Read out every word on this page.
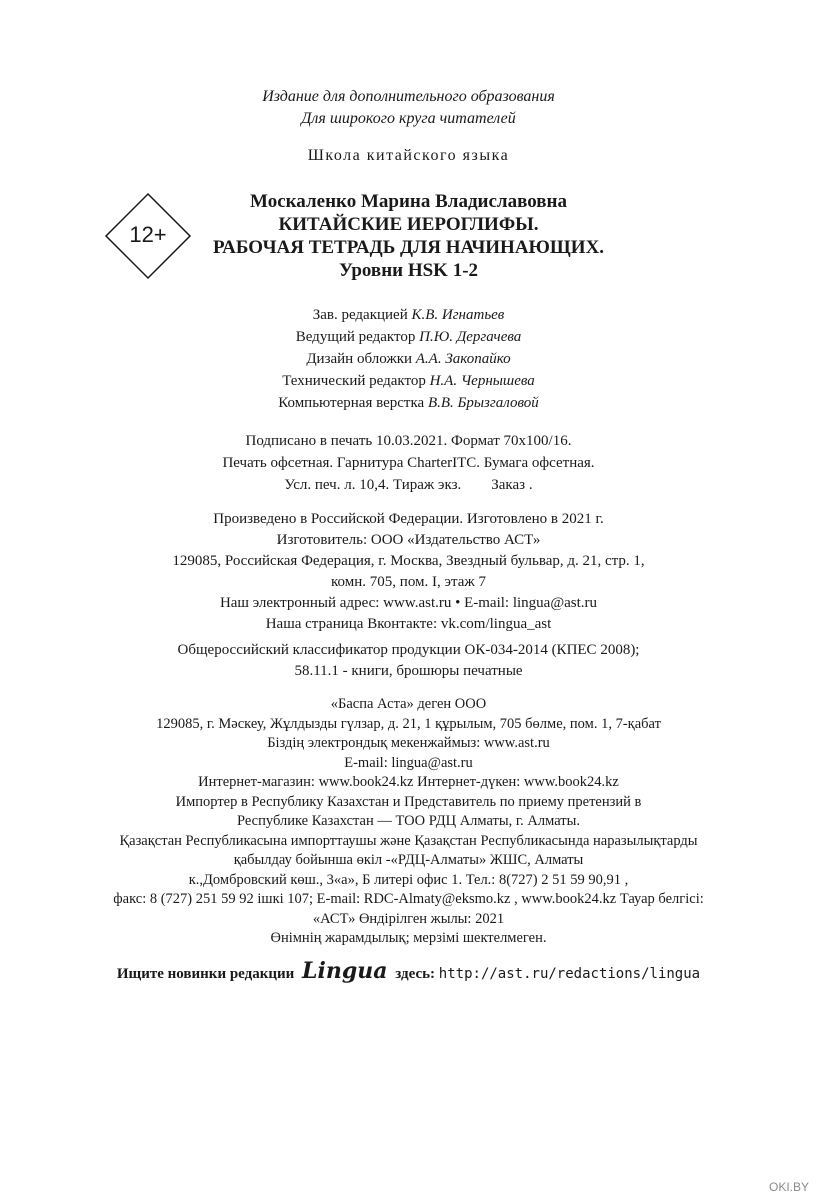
Издание для дополнительного образования
Для широкого круга читателей
Школа китайского языка
12+
Москаленко Марина Владиславовна
КИТАЙСКИЕ ИЕРОГЛИФЫ.
РАБОЧАЯ ТЕТРАДЬ ДЛЯ НАЧИНАЮЩИХ.
Уровни HSK 1-2
Зав. редакцией К.В. Игнатьев
Ведущий редактор П.Ю. Дергачева
Дизайн обложки А.А. Закопайко
Технический редактор Н.А. Чернышева
Компьютерная верстка В.В. Брызгаловой
Подписано в печать 10.03.2021. Формат 70х100/16.
Печать офсетная. Гарнитура CharterITC. Бумага офсетная.
Усл. печ. л. 10,4. Тираж экз.        Заказ .
Произведено в Российской Федерации. Изготовлено в 2021 г.
Изготовитель: ООО «Издательство АСТ»
129085, Российская Федерация, г. Москва, Звездный бульвар, д. 21, стр. 1,
комн. 705, пом. I, этаж 7
Наш электронный адрес: www.ast.ru • E-mail: lingua@ast.ru
Наша страница Вконтакте: vk.com/lingua_ast
Общероссийский классификатор продукции ОК-034-2014 (КПЕС 2008);
58.11.1 - книги, брошюры печатные
«Баспа Аста» деген ООО
129085, г. Мәскеу, Жұлдызды гүлзар, д. 21, 1 құрылым, 705 бөлме, пом. 1, 7-қабат
Біздің электрондық мекенжаймыз: www.ast.ru
E-mail: lingua@ast.ru
Интернет-магазин: www.book24.kz Интернет-дүкен: www.book24.kz
Импортер в Республику Казахстан и Представитель по приему претензий в
Республике Казахстан — ТОО РДЦ Алматы, г. Алматы.
Қазақстан Республикасына импорттаушы және Қазақстан Республикасында наразылықтарды
қабылдау бойынша өкіл -«РДЦ-Алматы» ЖШС, Алматы
к.,Домбровский көш., 3«а», Б литері офис 1. Тел.: 8(727) 2 51 59 90,91 ,
факс: 8 (727) 251 59 92 ішкі 107; E-mail: RDC-Almaty@eksmo.kz , www.book24.kz Тауар белгісі:
«АСТ» Өндірілген жылы: 2021
Өнімнің жарамдылық; мерзімі шектелмеген.
Ищите новинки редакции Lingua здесь: http://ast.ru/redactions/lingua
OKI.BY
